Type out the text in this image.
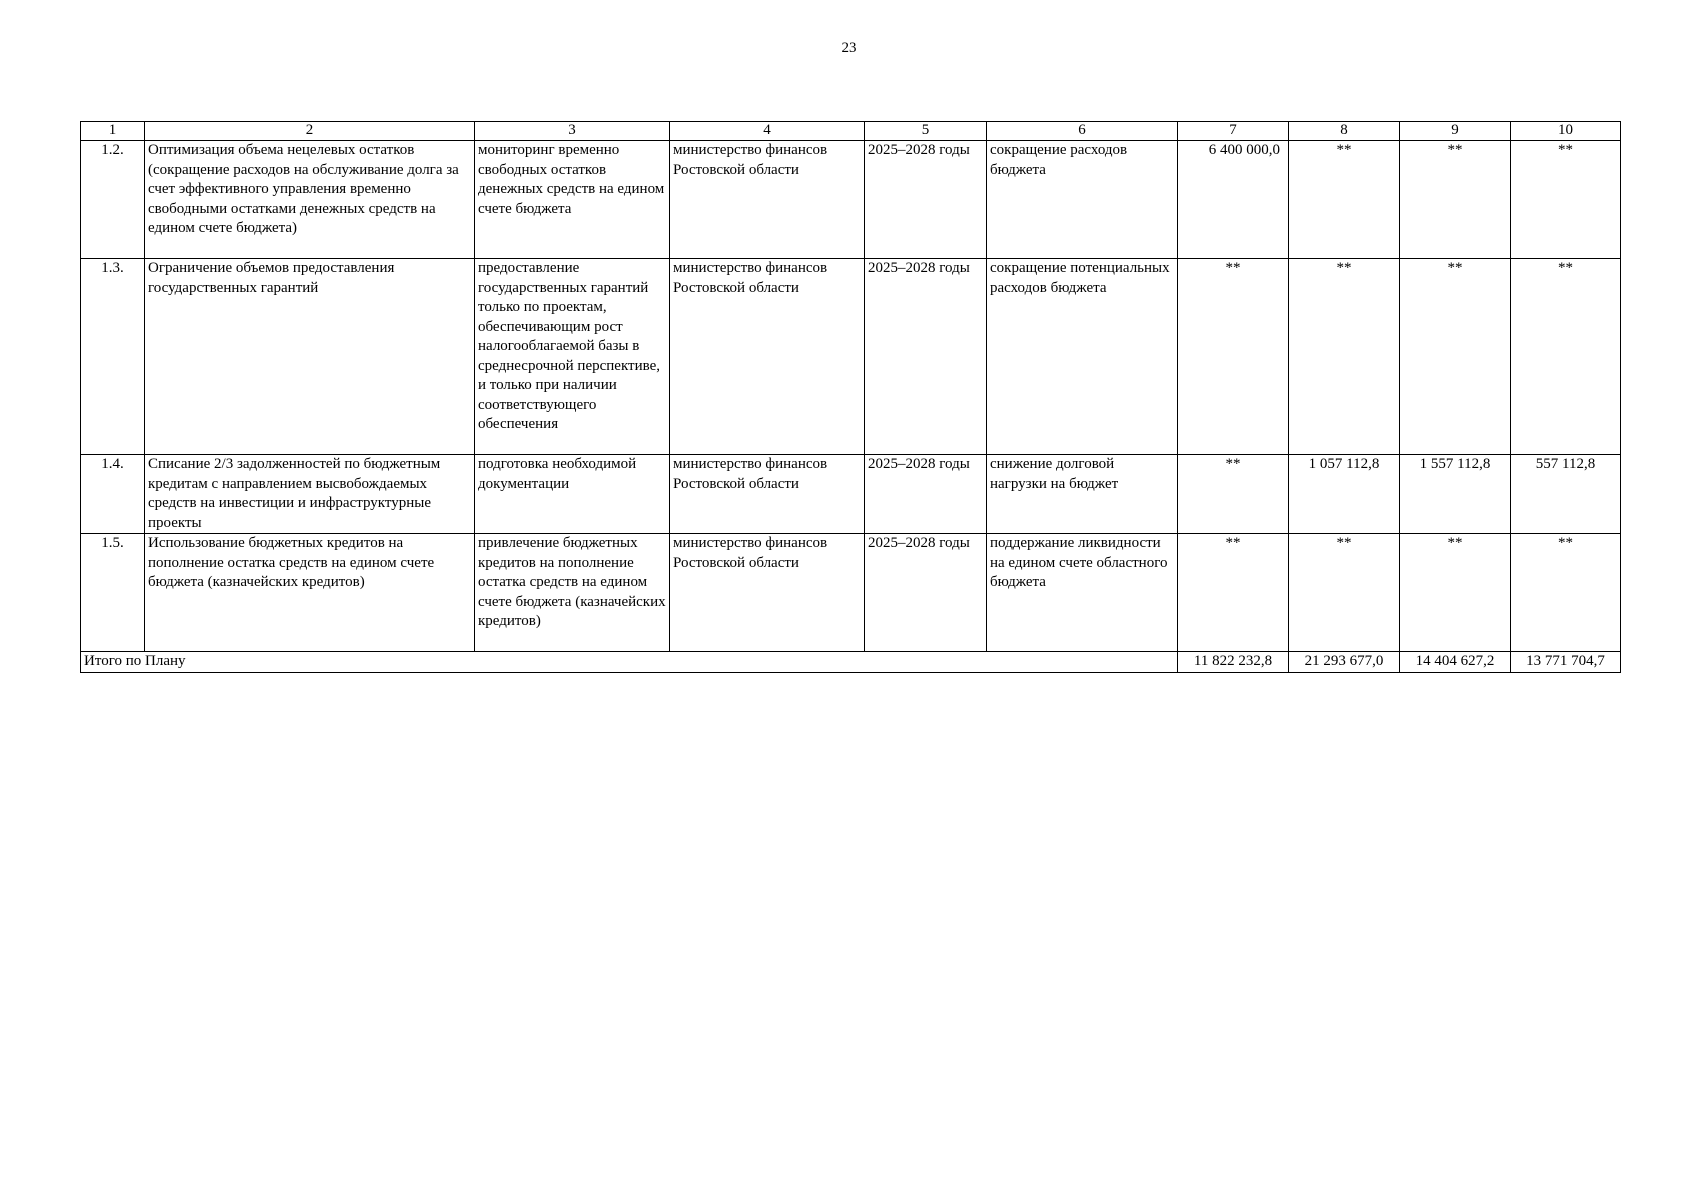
23
1	2	3	4	5	6	7	8	9	10
1.2.	Оптимизация объема нецелевых остатков (сокращение расходов на обслуживание долга за счет эффективного управления временно свободными остатками денежных средств на едином счете бюджета)	мониторинг временно свободных остатков денежных средств на едином счете бюджета	министерство финансов Ростовской области	2025–2028 годы	сокращение расходов бюджета	6 400 000,0	**	**	**
1.3.	Ограничение объемов предоставления государственных гарантий	предоставление государственных гарантий только по проектам, обеспечивающим рост налогооблагаемой базы в среднесрочной перспективе, и только при наличии соответствующего обеспечения	министерство финансов Ростовской области	2025–2028 годы	сокращение потенциальных расходов бюджета	**	**	**	**
1.4.	Списание 2/3 задолженностей по бюджетным кредитам с направлением высвобождаемых средств на инвестиции и инфраструктурные проекты	подготовка необходимой документации	министерство финансов Ростовской области	2025–2028 годы	снижение долговой нагрузки на бюджет	**	1 057 112,8	1 557 112,8	557 112,8
1.5.	Использование бюджетных кредитов на пополнение остатка средств на едином счете бюджета (казначейских кредитов)	привлечение бюджетных кредитов на пополнение остатка средств на едином счете бюджета (казначейских кредитов)	министерство финансов Ростовской области	2025–2028 годы	поддержание ликвидности на едином счете областного бюджета	**	**	**	**
Итого по Плану						11 822 232,8	21 293 677,0	14 404 627,2	13 771 704,7
